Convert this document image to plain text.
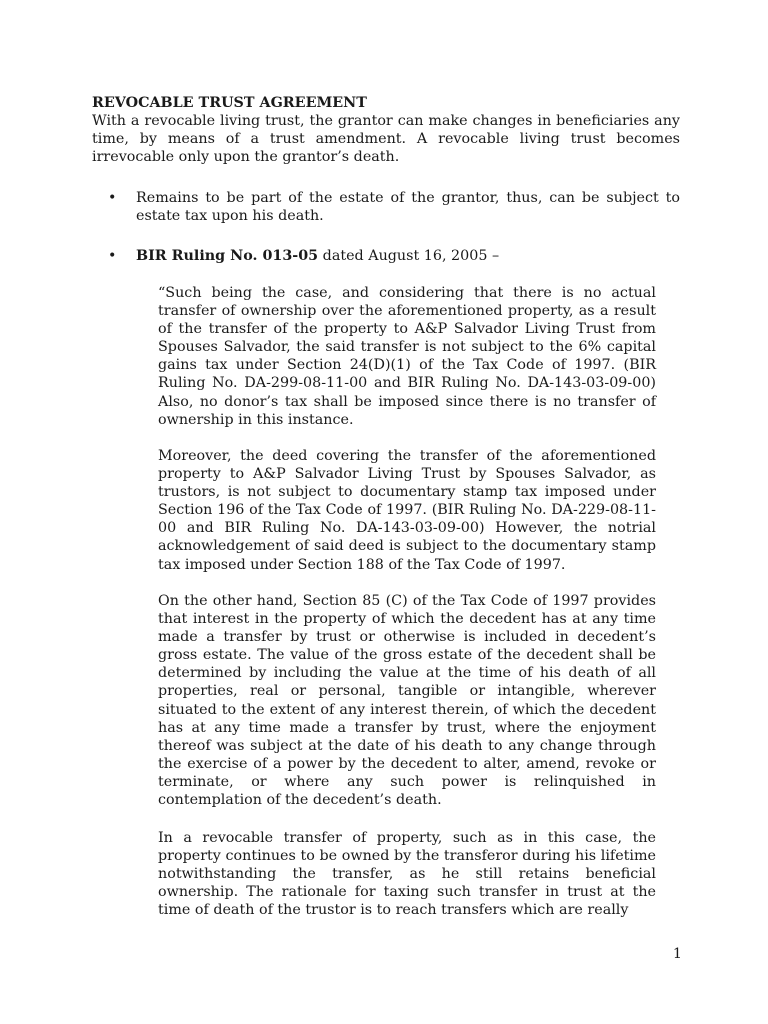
REVOCABLE TRUST AGREEMENT
With a revocable living trust, the grantor can make changes in beneficiaries any time, by means of a trust amendment. A revocable living trust becomes irrevocable only upon the grantor’s death.
•	Remains to be part of the estate of the grantor, thus, can be subject to estate tax upon his death.
•	BIR Ruling No. 013-05 dated August 16, 2005 –
“Such being the case, and considering that there is no actual transfer of ownership over the aforementioned property, as a result of the transfer of the property to A&P Salvador Living Trust from Spouses Salvador, the said transfer is not subject to the 6% capital gains tax under Section 24(D)(1) of the Tax Code of 1997. (BIR Ruling No. DA-299-08-11-00 and BIR Ruling No. DA-143-03-09-00) Also, no donor’s tax shall be imposed since there is no transfer of ownership in this instance.
Moreover, the deed covering the transfer of the aforementioned property to A&P Salvador Living Trust by Spouses Salvador, as trustors, is not subject to documentary stamp tax imposed under Section 196 of the Tax Code of 1997. (BIR Ruling No. DA-229-08-11-00 and BIR Ruling No. DA-143-03-09-00) However, the notrial acknowledgement of said deed is subject to the documentary stamp tax imposed under Section 188 of the Tax Code of 1997.
On the other hand, Section 85 (C) of the Tax Code of 1997 provides that interest in the property of which the decedent has at any time made a transfer by trust or otherwise is included in decedent’s gross estate. The value of the gross estate of the decedent shall be determined by including the value at the time of his death of all properties, real or personal, tangible or intangible, wherever situated to the extent of any interest therein, of which the decedent has at any time made a transfer by trust, where the enjoyment thereof was subject at the date of his death to any change through the exercise of a power by the decedent to alter, amend, revoke or terminate, or where any such power is relinquished in contemplation of the decedent’s death.
In a revocable transfer of property, such as in this case, the property continues to be owned by the transferor during his lifetime notwithstanding the transfer, as he still retains beneficial ownership. The rationale for taxing such transfer in trust at the time of death of the trustor is to reach transfers which are really
1
